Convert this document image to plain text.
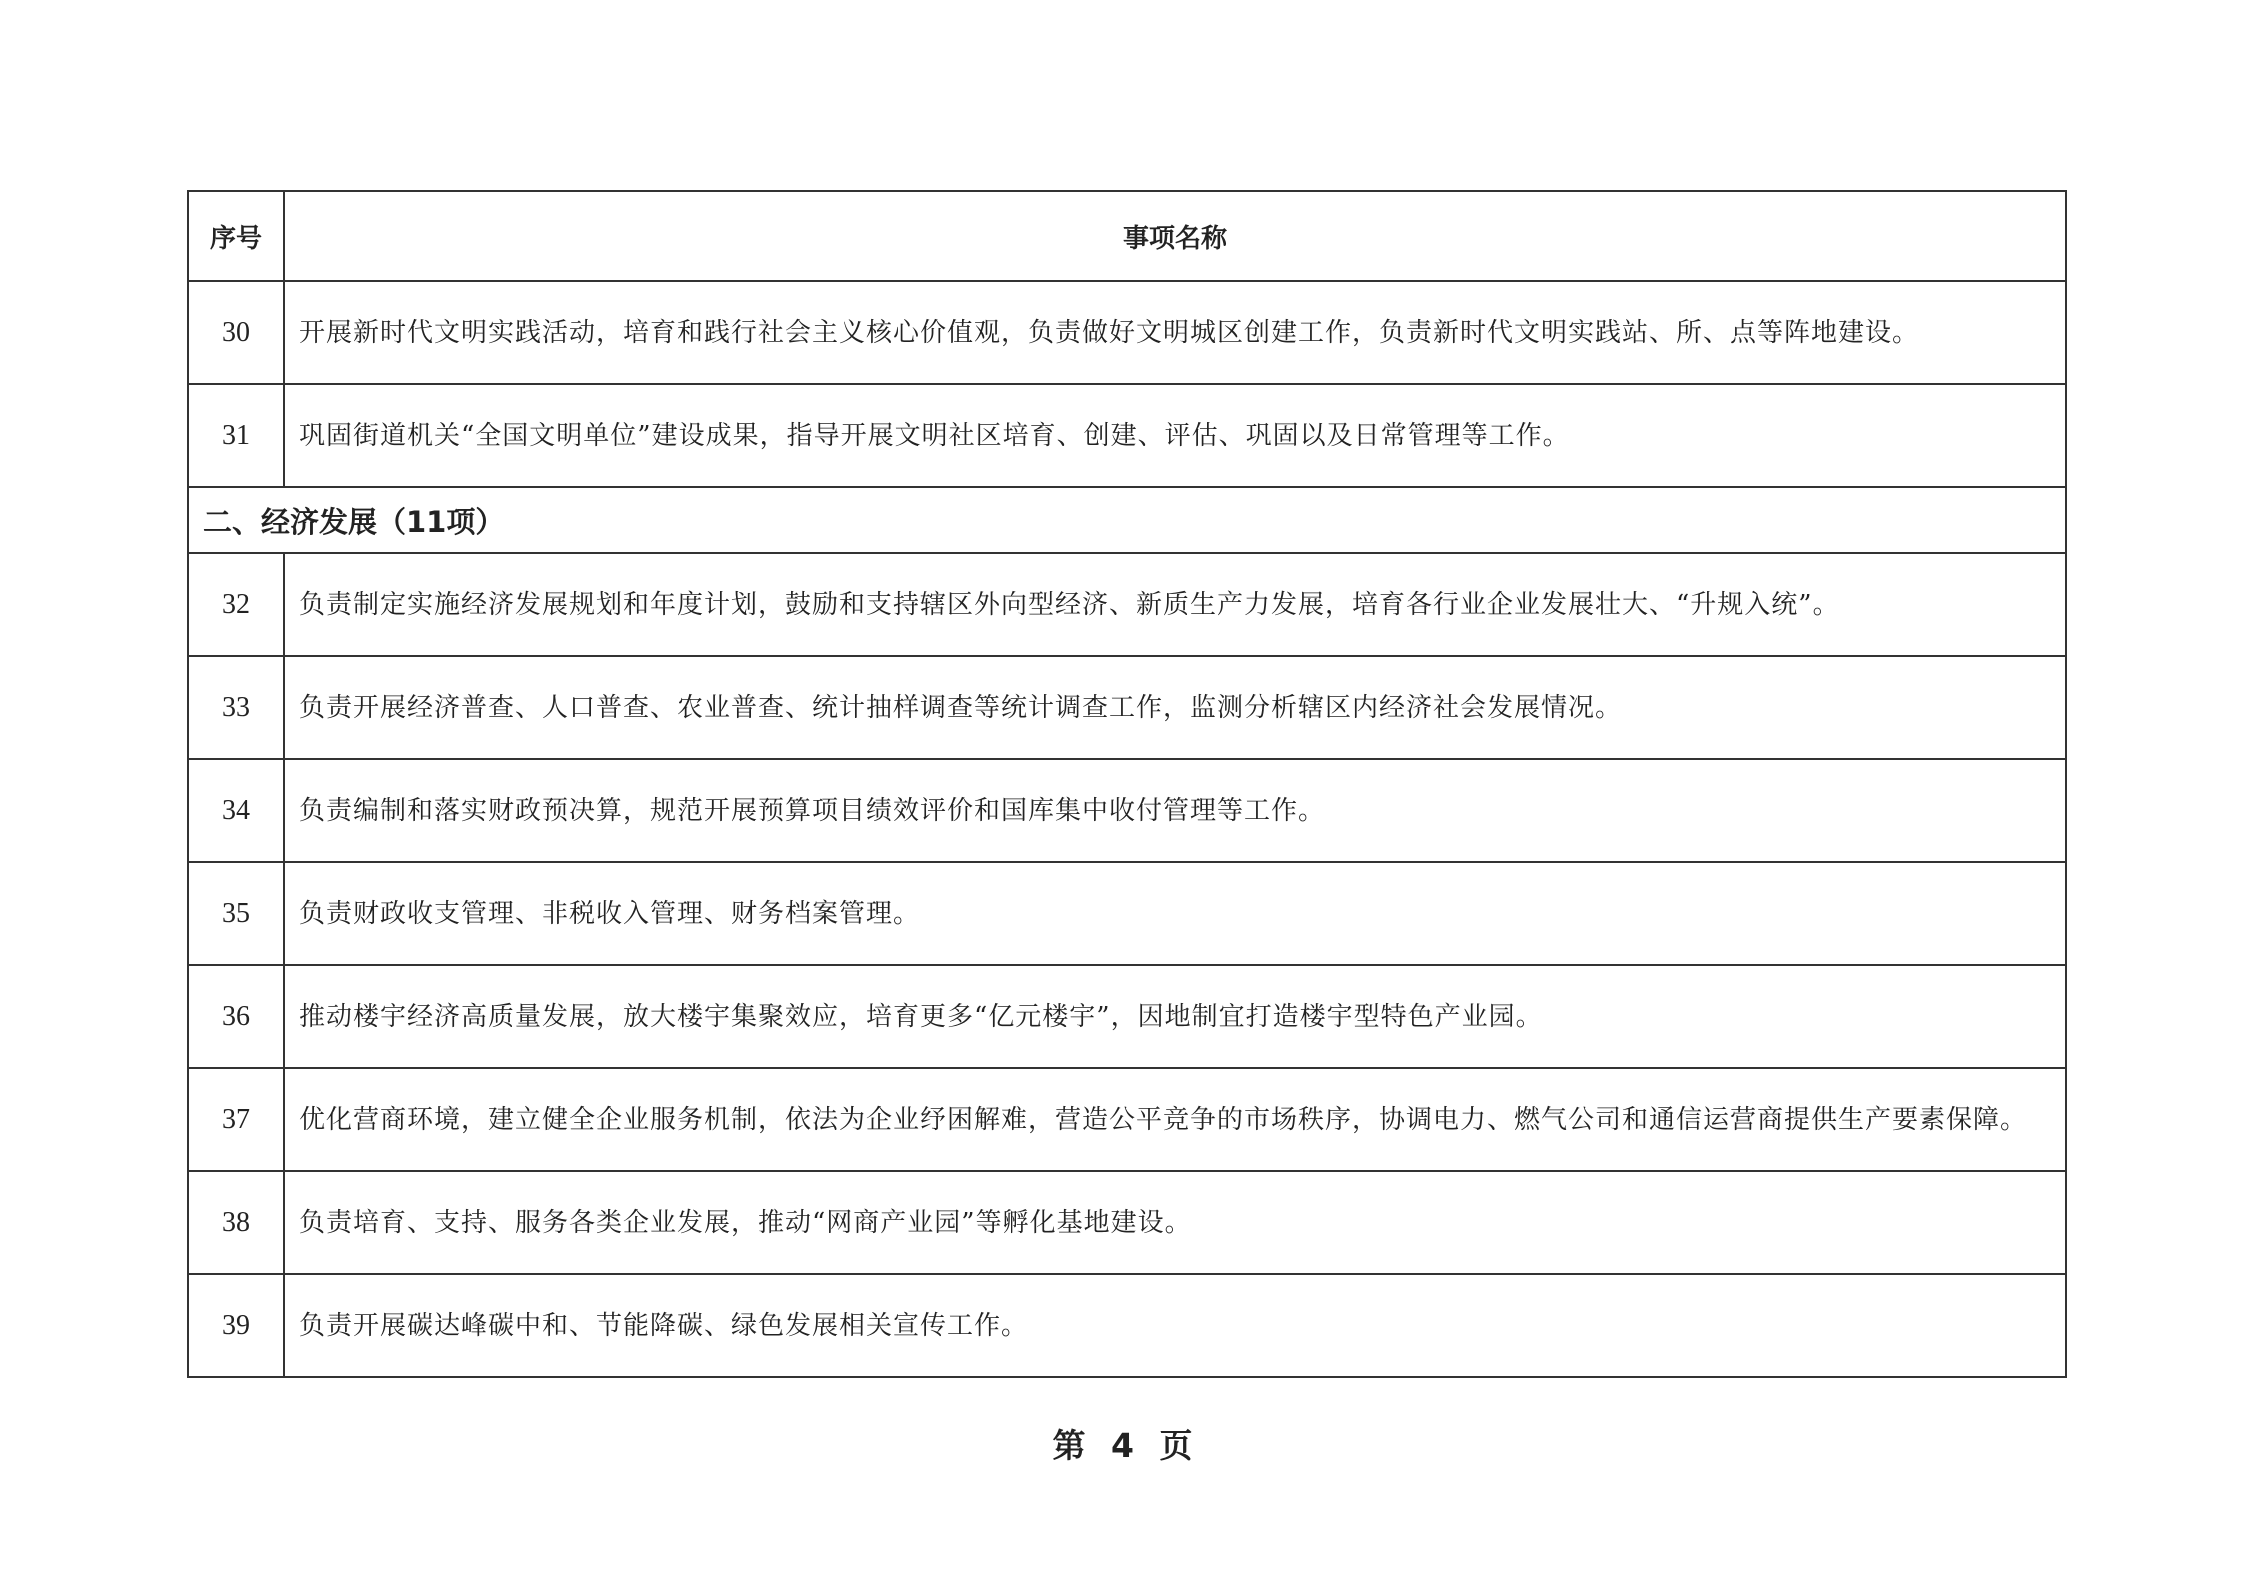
序号	事项名称
30	开展新时代文明实践活动，培育和践行社会主义核心价值观，负责做好文明城区创建工作，负责新时代文明实践站、所、点等阵地建设。
31	巩固街道机关“全国文明单位”建设成果，指导开展文明社区培育、创建、评估、巩固以及日常管理等工作。
二、经济发展（11项）	
32	负责制定实施经济发展规划和年度计划，鼓励和支持辖区外向型经济、新质生产力发展，培育各行业企业发展壮大、“升规入统”。
33	负责开展经济普查、人口普查、农业普查、统计抽样调查等统计调查工作，监测分析辖区内经济社会发展情况。
34	负责编制和落实财政预决算，规范开展预算项目绩效评价和国库集中收付管理等工作。
35	负责财政收支管理、非税收入管理、财务档案管理。
36	推动楼宇经济高质量发展，放大楼宇集聚效应，培育更多“亿元楼宇”，因地制宜打造楼宇型特色产业园。
37	优化营商环境，建立健全企业服务机制，依法为企业纾困解难，营造公平竞争的市场秩序，协调电力、燃气公司和通信运营商提供生产要素保障。
38	负责培育、支持、服务各类企业发展，推动“网商产业园”等孵化基地建设。
39	负责开展碳达峰碳中和、节能降碳、绿色发展相关宣传工作。
第 4 页
